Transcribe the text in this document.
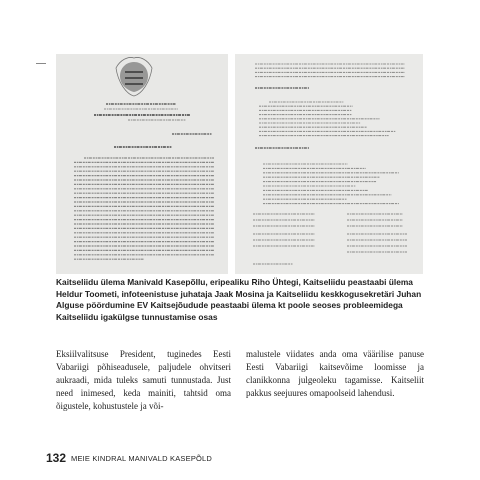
Kaitseliidu ülema Manivald Kasepõllu, eripealiku Riho Ühtegi, Kaitseliidu peastaabi ülema Heldur Toometi, infoteenistuse juhataja Jaak Mosina ja Kaitseliidu keskkogusekretäri Juhan Alguse pöördumine EV Kaitsejõudude peastaabi ülema kt poole seoses probleemidega Kaitseliidu igakülgse tunnustamise osas
Eksiilvalitsuse President, tuginedes Eesti Vabariigi põhiseadusele, paljudele ohvitseri aukraadi, mida tuleks samuti tunnustada. Just need inimesed, keda mainiti, tahtsid oma õigustele, kohustustele ja või-
malustele viidates anda oma väärilise panuse Eesti Vabariigi kaitsevõime loomisse ja clanikkonna julgeoleku tagamisse. Kaitseliit pakkus seejuures omapoolseid lahendusi.
132 MEIE KINDRAL MANIVALD KASEPÕLD
